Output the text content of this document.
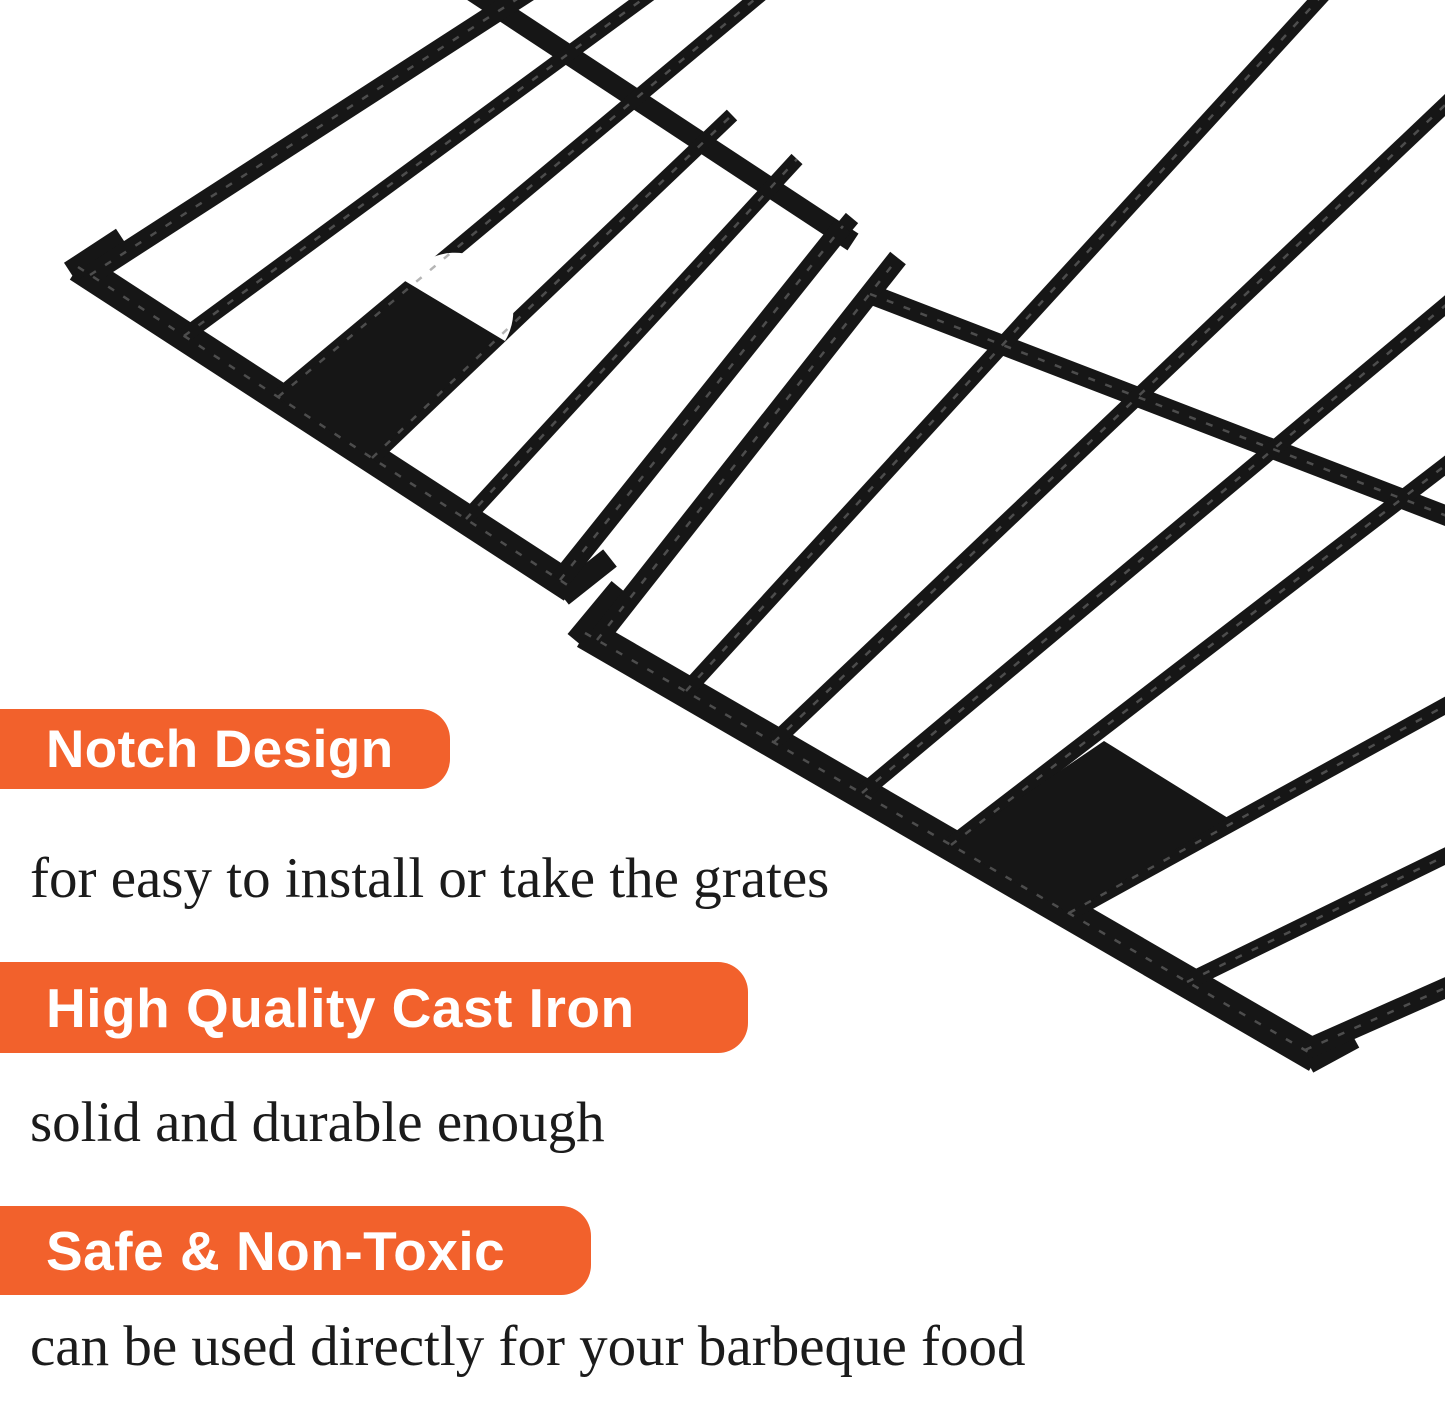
Notch Design
for easy to install or take the grates
High Quality Cast Iron
solid and durable enough
Safe & Non-Toxic
can be used directly for your barbeque food
